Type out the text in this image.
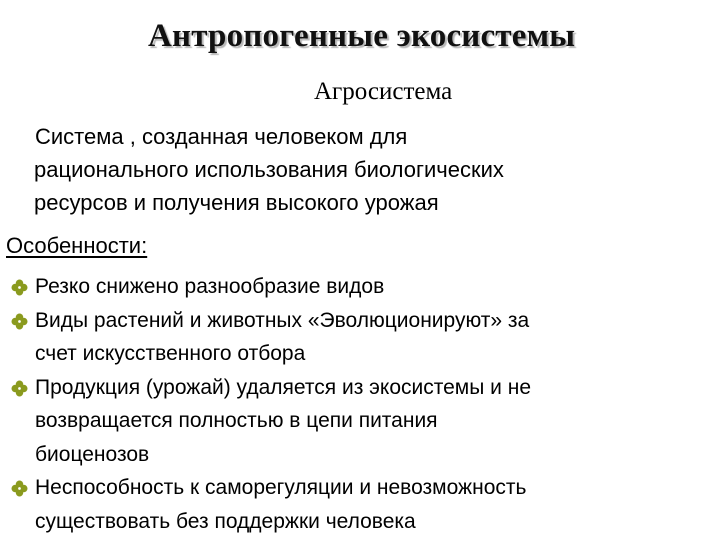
Антропогенные экосистемы
Агросистема
Система , созданная человеком для
рационального использования биологических
ресурсов и получения высокого урожая
Особенности:
Резко снижено разнообразие видов
Виды растений и животных «Эволюционируют» за
счет искусственного отбора
Продукция (урожай) удаляется из экосистемы и не
возвращается полностью в цепи питания
биоценозов
Неспособность к саморегуляции и невозможность
существовать без поддержки человека
